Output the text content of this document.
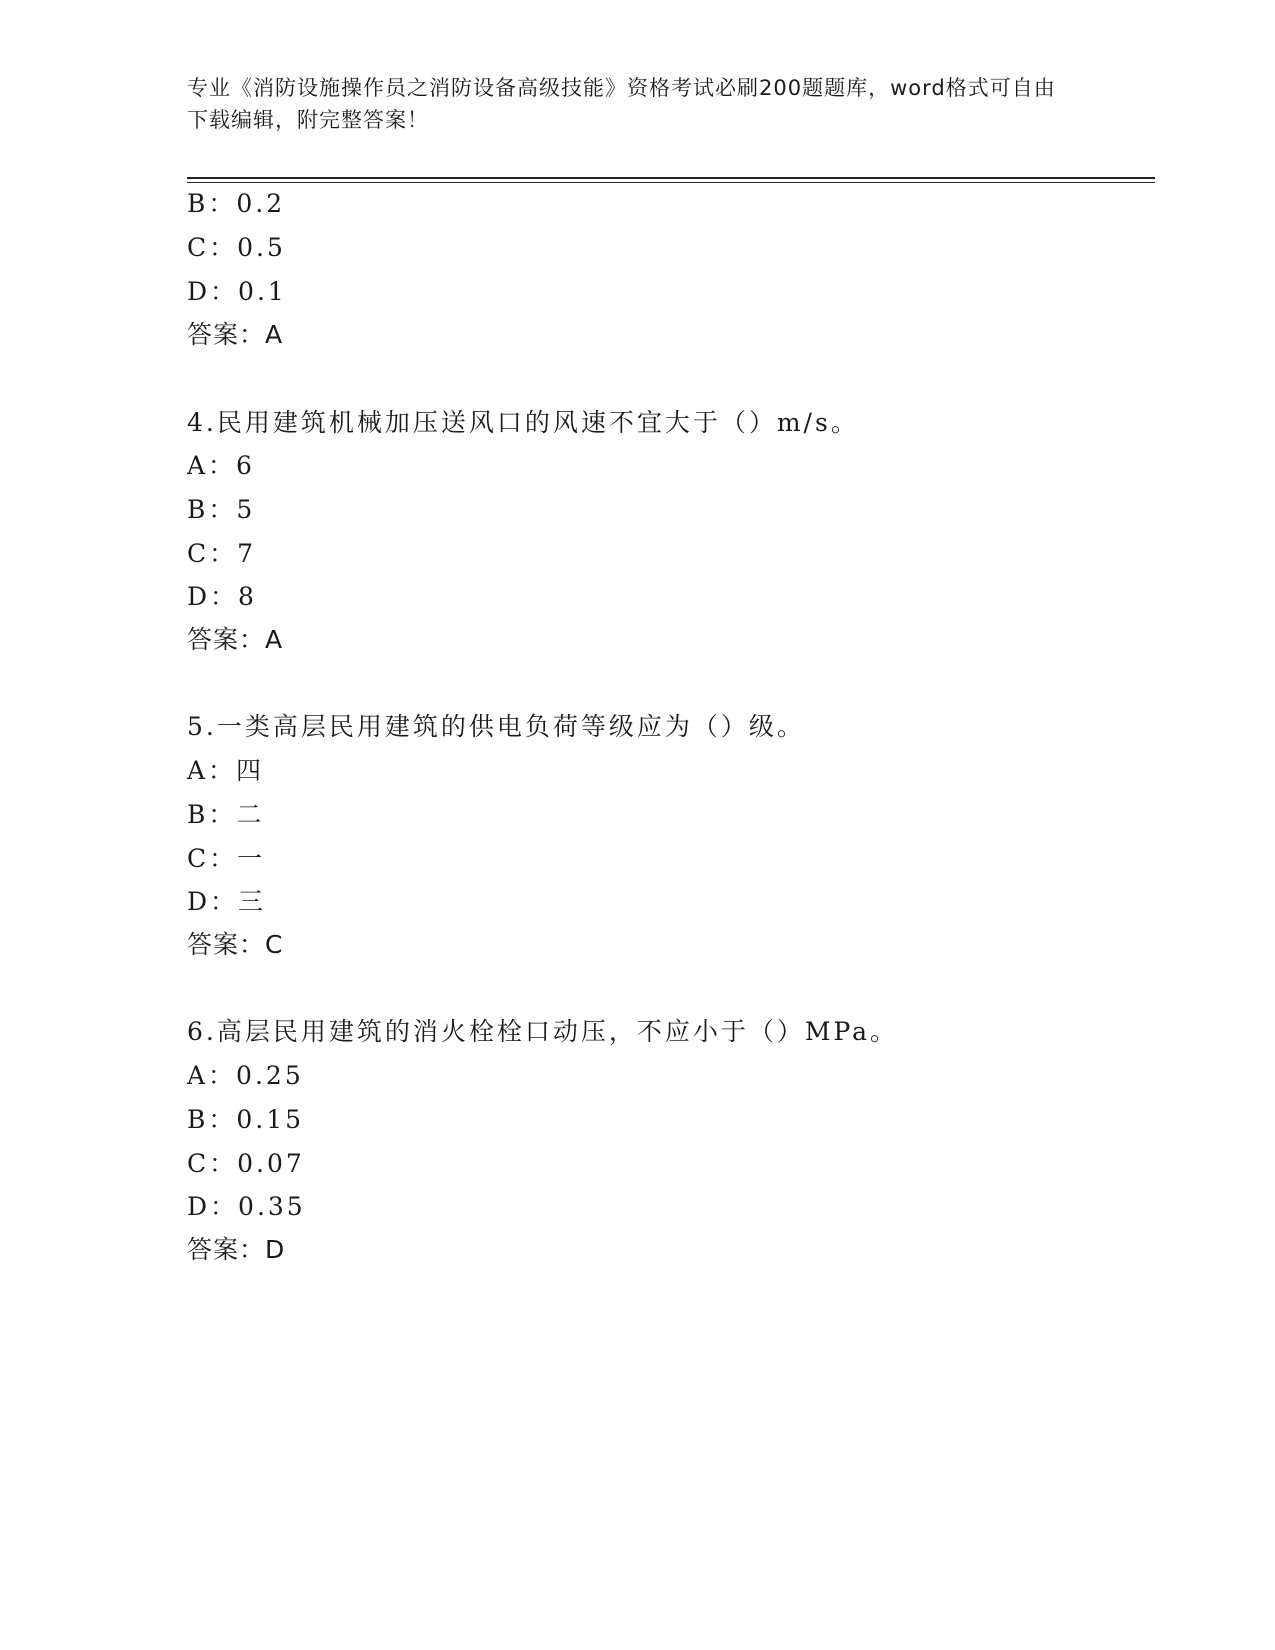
专业《消防设施操作员之消防设备高级技能》资格考试必刷200题题库，word格式可自由下载编辑，附完整答案！
B：0.2
C：0.5
D：0.1
答案：A
4.民用建筑机械加压送风口的风速不宜大于（）m/s。
A：6
B：5
C：7
D：8
答案：A
5.一类高层民用建筑的供电负荷等级应为（）级。
A：四
B：二
C：一
D：三
答案：C
6.高层民用建筑的消火栓栓口动压，不应小于（）MPa。
A：0.25
B：0.15
C：0.07
D：0.35
答案：D
